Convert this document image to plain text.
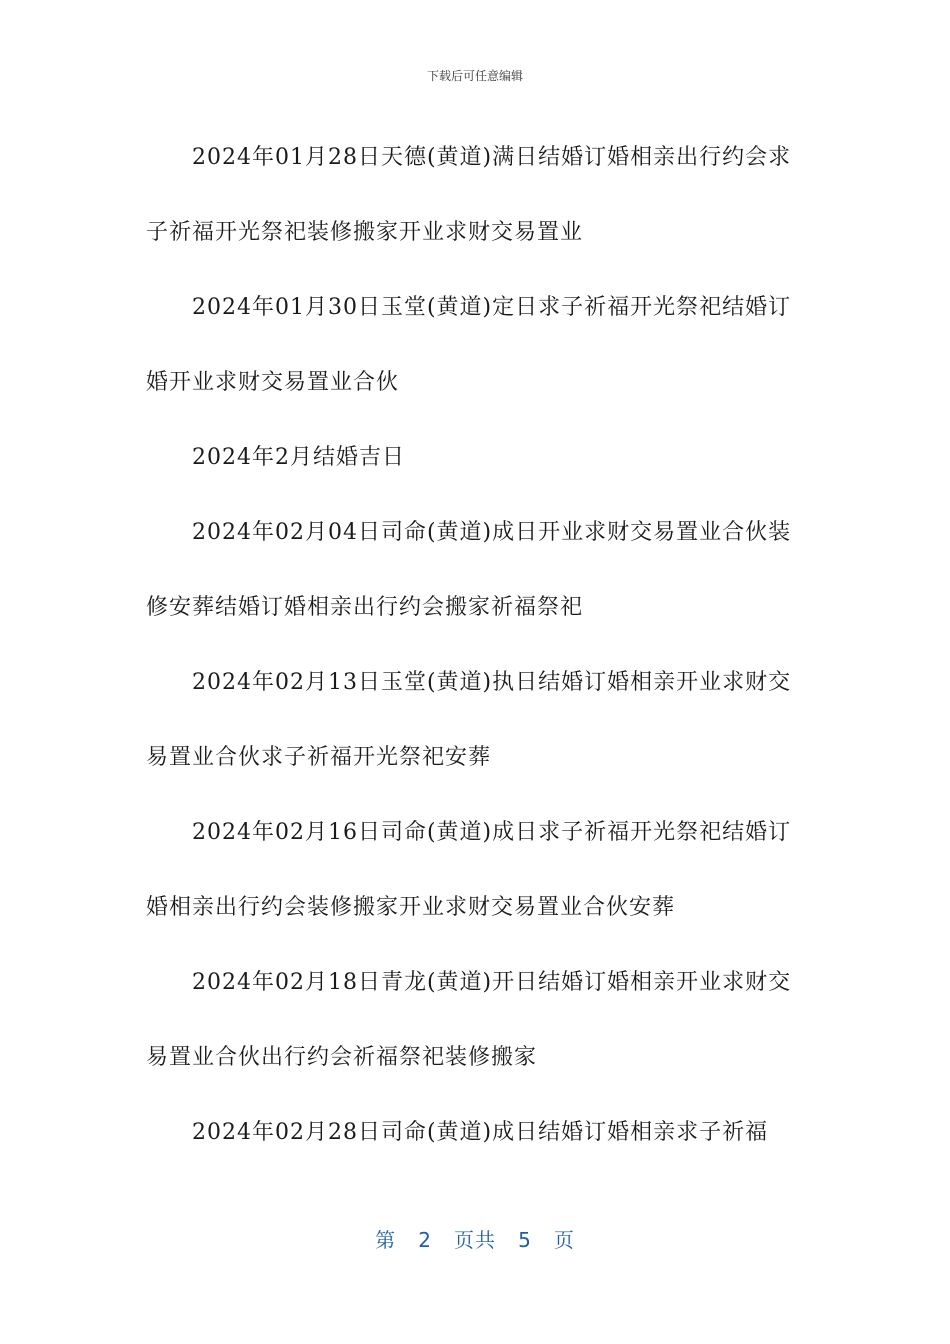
下载后可任意编辑

2024年01月28日天德(黄道)满日结婚订婚相亲出行约会求子祈福开光祭祀装修搬家开业求财交易置业

2024年01月30日玉堂(黄道)定日求子祈福开光祭祀结婚订婚开业求财交易置业合伙

2024年2月结婚吉日

2024年02月04日司命(黄道)成日开业求财交易置业合伙装修安葬结婚订婚相亲出行约会搬家祈福祭祀

2024年02月13日玉堂(黄道)执日结婚订婚相亲开业求财交易置业合伙求子祈福开光祭祀安葬

2024年02月16日司命(黄道)成日求子祈福开光祭祀结婚订婚相亲出行约会装修搬家开业求财交易置业合伙安葬

2024年02月18日青龙(黄道)开日结婚订婚相亲开业求财交易置业合伙出行约会祈福祭祀装修搬家

2024年02月28日司命(黄道)成日结婚订婚相亲求子祈福

第 2 页共 5 页
